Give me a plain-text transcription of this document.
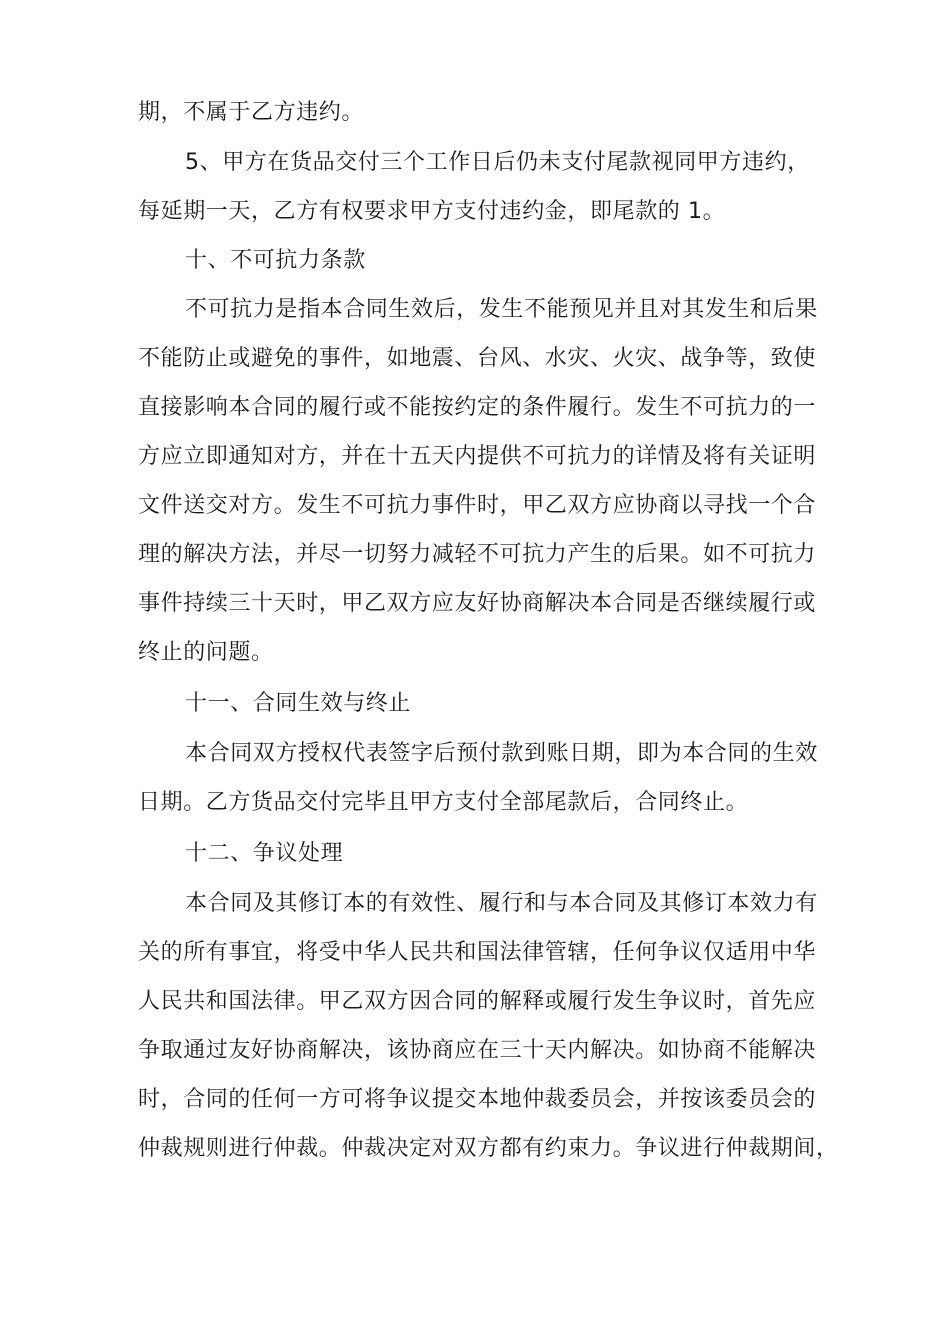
期，不属于乙方违约。
5、甲方在货品交付三个工作日后仍未支付尾款视同甲方违约，
每延期一天，乙方有权要求甲方支付违约金，即尾款的 1。
十、不可抗力条款
不可抗力是指本合同生效后，发生不能预见并且对其发生和后果
不能防止或避免的事件，如地震、台风、水灾、火灾、战争等，致使
直接影响本合同的履行或不能按约定的条件履行。发生不可抗力的一
方应立即通知对方，并在十五天内提供不可抗力的详情及将有关证明
文件送交对方。发生不可抗力事件时，甲乙双方应协商以寻找一个合
理的解决方法，并尽一切努力减轻不可抗力产生的后果。如不可抗力
事件持续三十天时，甲乙双方应友好协商解决本合同是否继续履行或
终止的问题。
十一、合同生效与终止
本合同双方授权代表签字后预付款到账日期，即为本合同的生效
日期。乙方货品交付完毕且甲方支付全部尾款后，合同终止。
十二、争议处理
本合同及其修订本的有效性、履行和与本合同及其修订本效力有
关的所有事宜，将受中华人民共和国法律管辖，任何争议仅适用中华
人民共和国法律。甲乙双方因合同的解释或履行发生争议时，首先应
争取通过友好协商解决，该协商应在三十天内解决。如协商不能解决
时，合同的任何一方可将争议提交本地仲裁委员会，并按该委员会的
仲裁规则进行仲裁。仲裁决定对双方都有约束力。争议进行仲裁期间，
